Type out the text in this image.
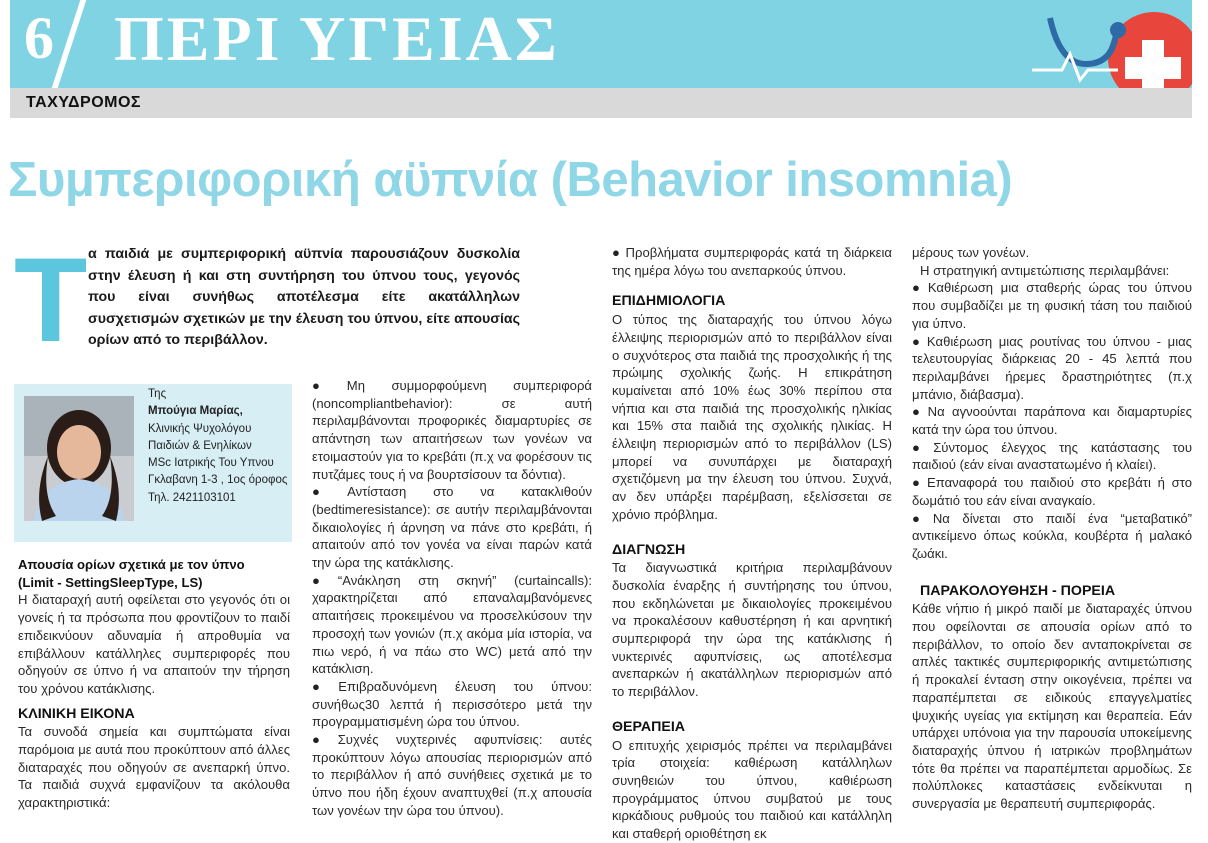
6 ΠΕΡΙ ΥΓΕΙΑΣ
ΤΑΧΥΔΡΟΜΟΣ
Συμπεριφορική αϋπνία (Behavior insomnia)
Τ α παιδιά με συμπεριφορική αϋπνία παρουσιάζουν δυσκολία στην έλευση ή και στη συντήρηση του ύπνου τους, γεγονός που είναι συνήθως αποτέλεσμα είτε ακατάλληλων συσχετισμών σχετικών με την έλευση του ύπνου, είτε απουσίας ορίων από το περιβάλλον.

Της
Μπούγια Μαρίας,
Κλινικής Ψυχολόγου
Παιδιών & Ενηλίκων
MSc Ιατρικής Του Υπνου
Γκλαβανη 1-3 , 1ος όροφος
Τηλ. 2421103101

Απουσία ορίων σχετικά με τον ύπνο

(Limit - SettingSleepType, LS)

Η διαταραχή αυτή οφείλεται στο γεγονός ότι οι γονείς ή τα πρόσωπα που φροντίζουν το παιδί επιδεικνύουν αδυναμία ή απροθυμία να επιβάλλουν κατάλληλες συμπεριφορές που οδηγούν σε ύπνο ή να απαιτούν την τήρηση του χρόνου κατάκλισης.

ΚΛΙΝΙΚΗ ΕΙΚΟΝΑ

Τα συνοδά σημεία και συμπτώματα είναι παρόμοια με αυτά που προκύπτουν από άλλες διαταραχές που οδηγούν σε ανεπαρκή ύπνο. Τα παιδιά συχνά εμφανίζουν τα ακόλουθα χαρακτηριστικά:

● Μη συμμορφούμενη συμπεριφορά (noncompliantbehavior): σε αυτή περιλαμβάνονται προφορικές διαμαρτυρίες σε απάντηση των απαιτήσεων των γονέων να ετοιμαστούν για το κρεβάτι (π.χ να φορέσουν τις πυτζάμες τους ή να βουρτσίσουν τα δόντια).

● Αντίσταση στο να κατακλιθούν (bedtimeresistance): σε αυτήν περιλαμβάνονται δικαιολογίες ή άρνηση να πάνε στο κρεβάτι, ή απαιτούν από τον γονέα να είναι παρών κατά την ώρα της κατάκλισης.

● “Ανάκληση στη σκηνή” (curtaincalls): χαρακτηρίζεται από επαναλαμβανόμενες απαιτήσεις προκειμένου να προσελκύσουν την προσοχή των γονιών (π.χ ακόμα μία ιστορία, να πιω νερό, ή να πάω στο WC) μετά από την κατάκλιση.

● Επιβραδυνόμενη έλευση του ύπνου: συνήθως30 λεπτά ή περισσότερο μετά την προγραμματισμένη ώρα του ύπνου.

● Συχνές νυχτερινές αφυπνίσεις: αυτές προκύπτουν λόγω απουσίας περιορισμών από το περιβάλλον ή από συνήθειες σχετικά με το ύπνο που ήδη έχουν αναπτυχθεί (π.χ απουσία των γονέων την ώρα του ύπνου).

● Προβλήματα συμπεριφοράς κατά τη διάρκεια της ημέρα λόγω του ανεπαρκούς ύπνου.

ΕΠΙΔΗΜΙΟΛΟΓΙΑ

Ο τύπος της διαταραχής του ύπνου λόγω έλλειψης περιορισμών από το περιβάλλον είναι ο συχνότερος στα παιδιά της προσχολικής ή της πρώιμης σχολικής ζωής. Η επικράτηση κυμαίνεται από 10% έως 30% περίπου στα νήπια και στα παιδιά της προσχολικής ηλικίας και 15% στα παιδιά της σχολικής ηλικίας. Η έλλειψη περιορισμών από το περιβάλλον (LS) μπορεί να συνυπάρχει με διαταραχή σχετιζόμενη μα την έλευση του ύπνου. Συχνά, αν δεν υπάρξει παρέμβαση, εξελίσσεται σε χρόνιο πρόβλημα.

ΔΙΑΓΝΩΣΗ

Τα διαγνωστικά κριτήρια περιλαμβάνουν δυσκολία έναρξης ή συντήρησης του ύπνου, που εκδηλώνεται με δικαιολογίες προκειμένου να προκαλέσουν καθυστέρηση ή και αρνητική συμπεριφορά την ώρα της κατάκλισης ή νυκτερινές αφυπνίσεις, ως αποτέλεσμα ανεπαρκών ή ακατάλληλων περιορισμών από το περιβάλλον.

ΘΕΡΑΠΕΙΑ

Ο επιτυχής χειρισμός πρέπει να περιλαμβάνει τρία στοιχεία: καθιέρωση κατάλληλων συνηθειών του ύπνου, καθιέρωση προγράμματος ύπνου συμβατού με τους κιρκάδιους ρυθμούς του παιδιού και κατάλληλη και σταθερή οριοθέτηση εκ

μέρους των γονέων.

Η στρατηγική αντιμετώπισης περιλαμβάνει:

● Καθιέρωση μια σταθερής ώρας του ύπνου που συμβαδίζει με τη φυσική τάση του παιδιού για ύπνο.

● Καθιέρωση μιας ρουτίνας του ύπνου - μιας τελευτουργίας διάρκειας 20 - 45 λεπτά που περιλαμβάνει ήρεμες δραστηριότητες (π.χ μπάνιο, διάβασμα).

● Να αγνοούνται παράπονα και διαμαρτυρίες κατά την ώρα του ύπνου.

● Σύντομος έλεγχος της κατάστασης του παιδιού (εάν είναι αναστατωμένο ή κλαίει).

● Επαναφορά του παιδιού στο κρεβάτι ή στο δωμάτιό του εάν είναι αναγκαίο.

● Να δίνεται στο παιδί ένα “μεταβατικό” αντικείμενο όπως κούκλα, κουβέρτα ή μαλακό ζωάκι.

ΠΑΡΑΚΟΛΟΥΘΗΣΗ - ΠΟΡΕΙΑ

Κάθε νήπιο ή μικρό παιδί με διαταραχές ύπνου που οφείλονται σε απουσία ορίων από το περιβάλλον, το οποίο δεν ανταποκρίνεται σε απλές τακτικές συμπεριφορικής αντιμετώπισης ή προκαλεί ένταση στην οικογένεια, πρέπει να παραπέμπεται σε ειδικούς επαγγελματίες ψυχικής υγείας για εκτίμηση και θεραπεία. Εάν υπάρχει υπόνοια για την παρουσία υποκείμενης διαταραχής ύπνου ή ιατρικών προβλημάτων τότε θα πρέπει να παραπέμπεται αρμοδίως. Σε πολύπλοκες καταστάσεις ενδείκνυται η συνεργασία με θεραπευτή συμπεριφοράς.
